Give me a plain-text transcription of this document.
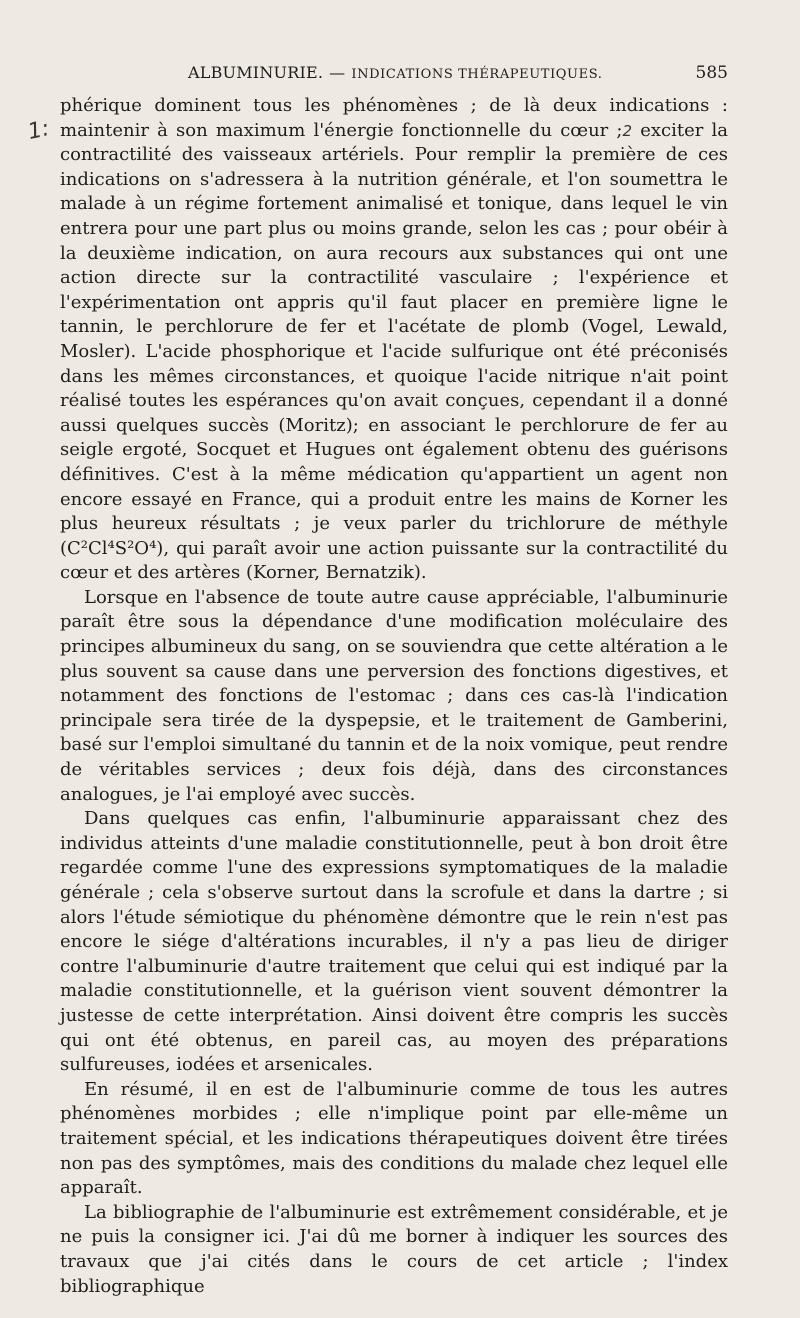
ALBUMINURIE. — INDICATIONS THÉRAPEUTIQUES.	585
1:

phérique dominent tous les phénomènes ; de là deux indications : maintenir à son maximum l'énergie fonctionnelle du cœur ;2 exciter la contractilité des vaisseaux artériels. Pour remplir la première de ces indications on s'adressera à la nutrition générale, et l'on soumettra le malade à un régime fortement animalisé et tonique, dans lequel le vin entrera pour une part plus ou moins grande, selon les cas ; pour obéir à la deuxième indication, on aura recours aux substances qui ont une action directe sur la contractilité vasculaire ; l'expérience et l'expérimentation ont appris qu'il faut placer en première ligne le tannin, le perchlorure de fer et l'acétate de plomb (Vogel, Lewald, Mosler). L'acide phosphorique et l'acide sulfurique ont été préconisés dans les mêmes circonstances, et quoique l'acide nitrique n'ait point réalisé toutes les espérances qu'on avait conçues, cependant il a donné aussi quelques succès (Moritz); en associant le perchlorure de fer au seigle ergoté, Socquet et Hugues ont également obtenu des guérisons définitives. C'est à la même médication qu'appartient un agent non encore essayé en France, qui a produit entre les mains de Korner les plus heureux résultats ; je veux parler du trichlorure de méthyle (C²Cl⁴S²O⁴), qui paraît avoir une action puissante sur la contractilité du cœur et des artères (Korner, Bernatzik).

Lorsque en l'absence de toute autre cause appréciable, l'albuminurie paraît être sous la dépendance d'une modification moléculaire des principes albumineux du sang, on se souviendra que cette altération a le plus souvent sa cause dans une perversion des fonctions digestives, et notamment des fonctions de l'estomac ; dans ces cas-là l'indication principale sera tirée de la dyspepsie, et le traitement de Gamberini, basé sur l'emploi simultané du tannin et de la noix vomique, peut rendre de véritables services ; deux fois déjà, dans des circonstances analogues, je l'ai employé avec succès.

Dans quelques cas enfin, l'albuminurie apparaissant chez des individus atteints d'une maladie constitutionnelle, peut à bon droit être regardée comme l'une des expressions symptomatiques de la maladie générale ; cela s'observe surtout dans la scrofule et dans la dartre ; si alors l'étude sémiotique du phénomène démontre que le rein n'est pas encore le siége d'altérations incurables, il n'y a pas lieu de diriger contre l'albuminurie d'autre traitement que celui qui est indiqué par la maladie constitutionnelle, et la guérison vient souvent démontrer la justesse de cette interprétation. Ainsi doivent être compris les succès qui ont été obtenus, en pareil cas, au moyen des préparations sulfureuses, iodées et arsenicales.

En résumé, il en est de l'albuminurie comme de tous les autres phénomènes morbides ; elle n'implique point par elle-même un traitement spécial, et les indications thérapeutiques doivent être tirées non pas des symptômes, mais des conditions du malade chez lequel elle apparaît.

La bibliographie de l'albuminurie est extrêmement considérable, et je ne puis la consigner ici. J'ai dû me borner à indiquer les sources des travaux que j'ai cités dans le cours de cet article ; l'index bibliographique
